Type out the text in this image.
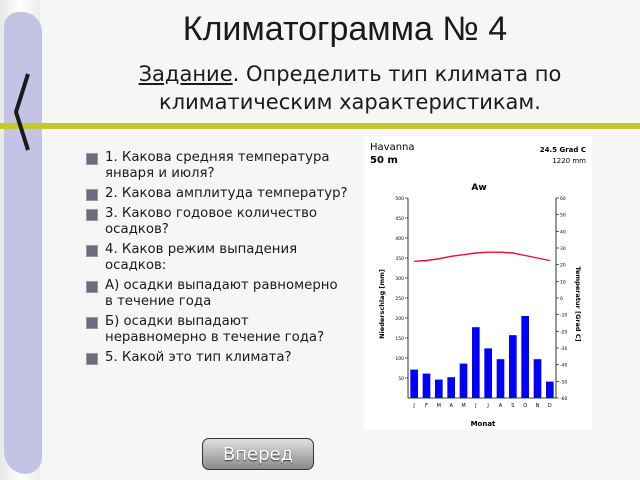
Климатограмма № 4

Задание. Определить тип климата по климатическим характеристикам.

1. Какова средняя температура января и июля?
2. Какова амплитуда температур?
3. Каково годовое количество осадков?
4. Каков режим выпадения осадков:
А) осадки выпадают равномерно в течение года
Б) осадки выпадают неравномерно в течение года?
5. Какой это тип климата?
Havanna
50 m
24.5 Grad C
1220 mm
Aw
50
100
150
200
250
300
350
400
450
500	60
50
40
30
20
10
0
-10
-20
-30
-40
-50
-60
J F M A M J J A S O N D
Niederschlag [mm]	Temperatur [Grad C]
Monat
Вперед
